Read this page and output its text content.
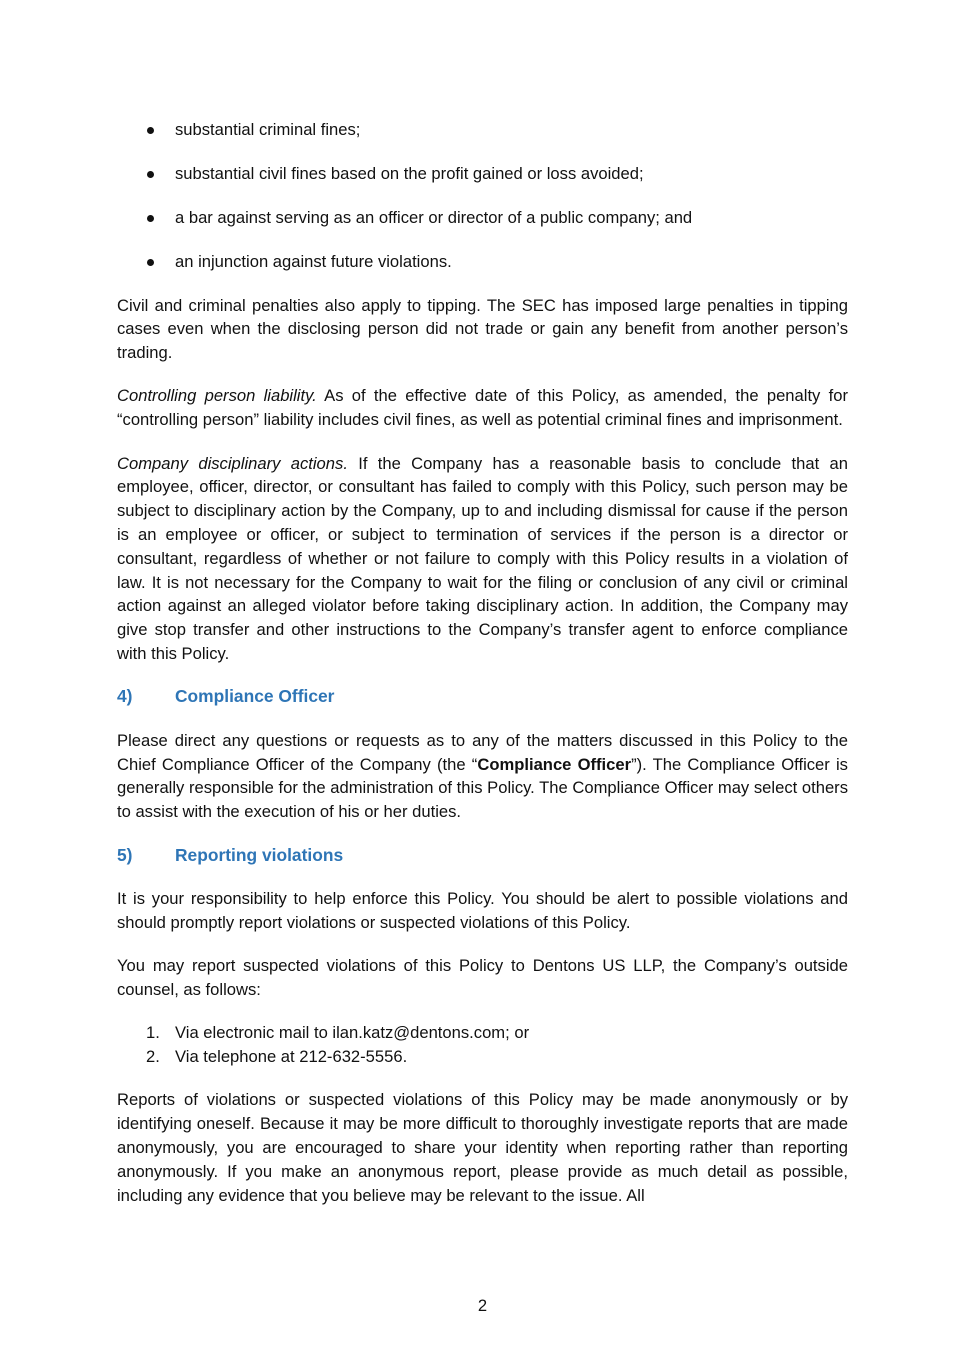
substantial criminal fines;
substantial civil fines based on the profit gained or loss avoided;
a bar against serving as an officer or director of a public company; and
an injunction against future violations.

Civil and criminal penalties also apply to tipping. The SEC has imposed large penalties in tipping cases even when the disclosing person did not trade or gain any benefit from another person’s trading.

Controlling person liability. As of the effective date of this Policy, as amended, the penalty for “controlling person” liability includes civil fines, as well as potential criminal fines and imprisonment.

Company disciplinary actions. If the Company has a reasonable basis to conclude that an employee, officer, director, or consultant has failed to comply with this Policy, such person may be subject to disciplinary action by the Company, up to and including dismissal for cause if the person is an employee or officer, or subject to termination of services if the person is a director or consultant, regardless of whether or not failure to comply with this Policy results in a violation of law. It is not necessary for the Company to wait for the filing or conclusion of any civil or criminal action against an alleged violator before taking disciplinary action. In addition, the Company may give stop transfer and other instructions to the Company’s transfer agent to enforce compliance with this Policy.

4)	Compliance Officer

Please direct any questions or requests as to any of the matters discussed in this Policy to the Chief Compliance Officer of the Company (the “Compliance Officer”). The Compliance Officer is generally responsible for the administration of this Policy. The Compliance Officer may select others to assist with the execution of his or her duties.

5)	Reporting violations

It is your responsibility to help enforce this Policy. You should be alert to possible violations and should promptly report violations or suspected violations of this Policy.

You may report suspected violations of this Policy to Dentons US LLP, the Company’s outside counsel, as follows:

1. Via electronic mail to ilan.katz@dentons.com; or
2. Via telephone at 212-632-5556.

Reports of violations or suspected violations of this Policy may be made anonymously or by identifying oneself. Because it may be more difficult to thoroughly investigate reports that are made anonymously, you are encouraged to share your identity when reporting rather than reporting anonymously. If you make an anonymous report, please provide as much detail as possible, including any evidence that you believe may be relevant to the issue. All

2
